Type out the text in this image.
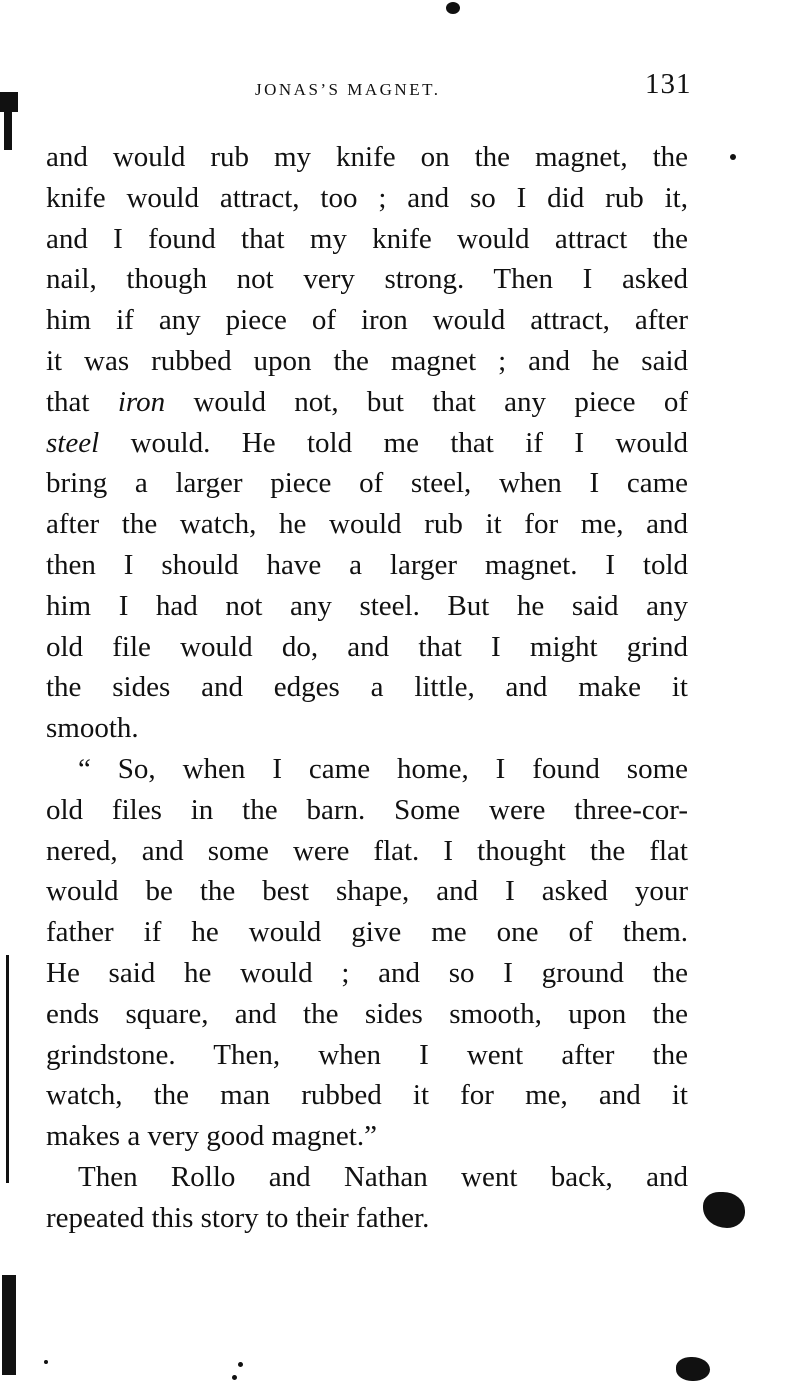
JONAS’S MAGNET.	131
and would rub my knife on the magnet, the
knife would attract, too ; and so I did rub it,
and I found that my knife would attract the
nail, though not very strong. Then I asked
him if any piece of iron would attract, after
it was rubbed upon the magnet ; and he said
that iron would not, but that any piece of
steel would. He told me that if I would
bring a larger piece of steel, when I came
after the watch, he would rub it for me, and
then I should have a larger magnet. I told
him I had not any steel. But he said any
old file would do, and that I might grind
the sides and edges a little, and make it
smooth.
“ So, when I came home, I found some
old files in the barn. Some were three-cor-
nered, and some were flat. I thought the flat
would be the best shape, and I asked your
father if he would give me one of them.
He said he would ; and so I ground the
ends square, and the sides smooth, upon the
grindstone. Then, when I went after the
watch, the man rubbed it for me, and it
makes a very good magnet.”
Then Rollo and Nathan went back, and
repeated this story to their father.
